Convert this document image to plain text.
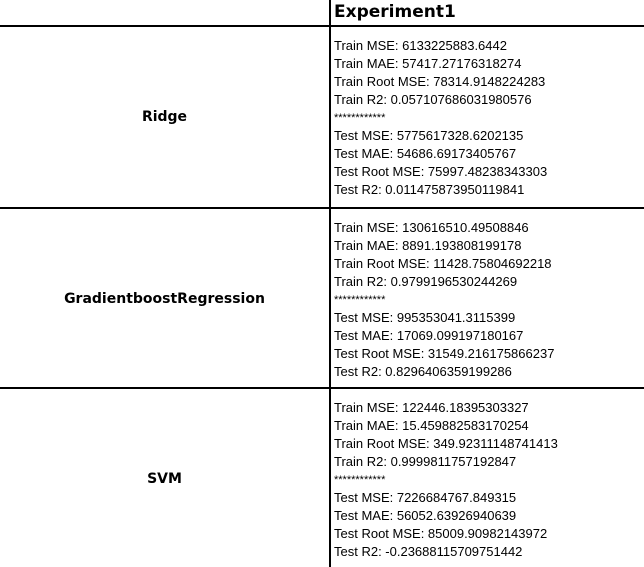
Experiment1
Ridge
Train MSE: 6133225883.6442
Train MAE: 57417.27176318274
Train Root MSE: 78314.9148224283
Train R2: 0.057107686031980576
************
Test MSE: 5775617328.6202135
Test MAE: 54686.69173405767
Test Root MSE: 75997.48238343303
Test R2: 0.011475873950119841
GradientboostRegression
Train MSE: 130616510.49508846
Train MAE: 8891.193808199178
Train Root MSE: 11428.75804692218
Train R2: 0.9799196530244269
************
Test MSE: 995353041.3115399
Test MAE: 17069.099197180167
Test Root MSE: 31549.216175866237
Test R2: 0.8296406359199286
SVM
Train MSE: 122446.18395303327
Train MAE: 15.459882583170254
Train Root MSE: 349.92311148741413
Train R2: 0.9999811757192847
************
Test MSE: 7226684767.849315
Test MAE: 56052.63926940639
Test Root MSE: 85009.90982143972
Test R2: -0.23688115709751442
